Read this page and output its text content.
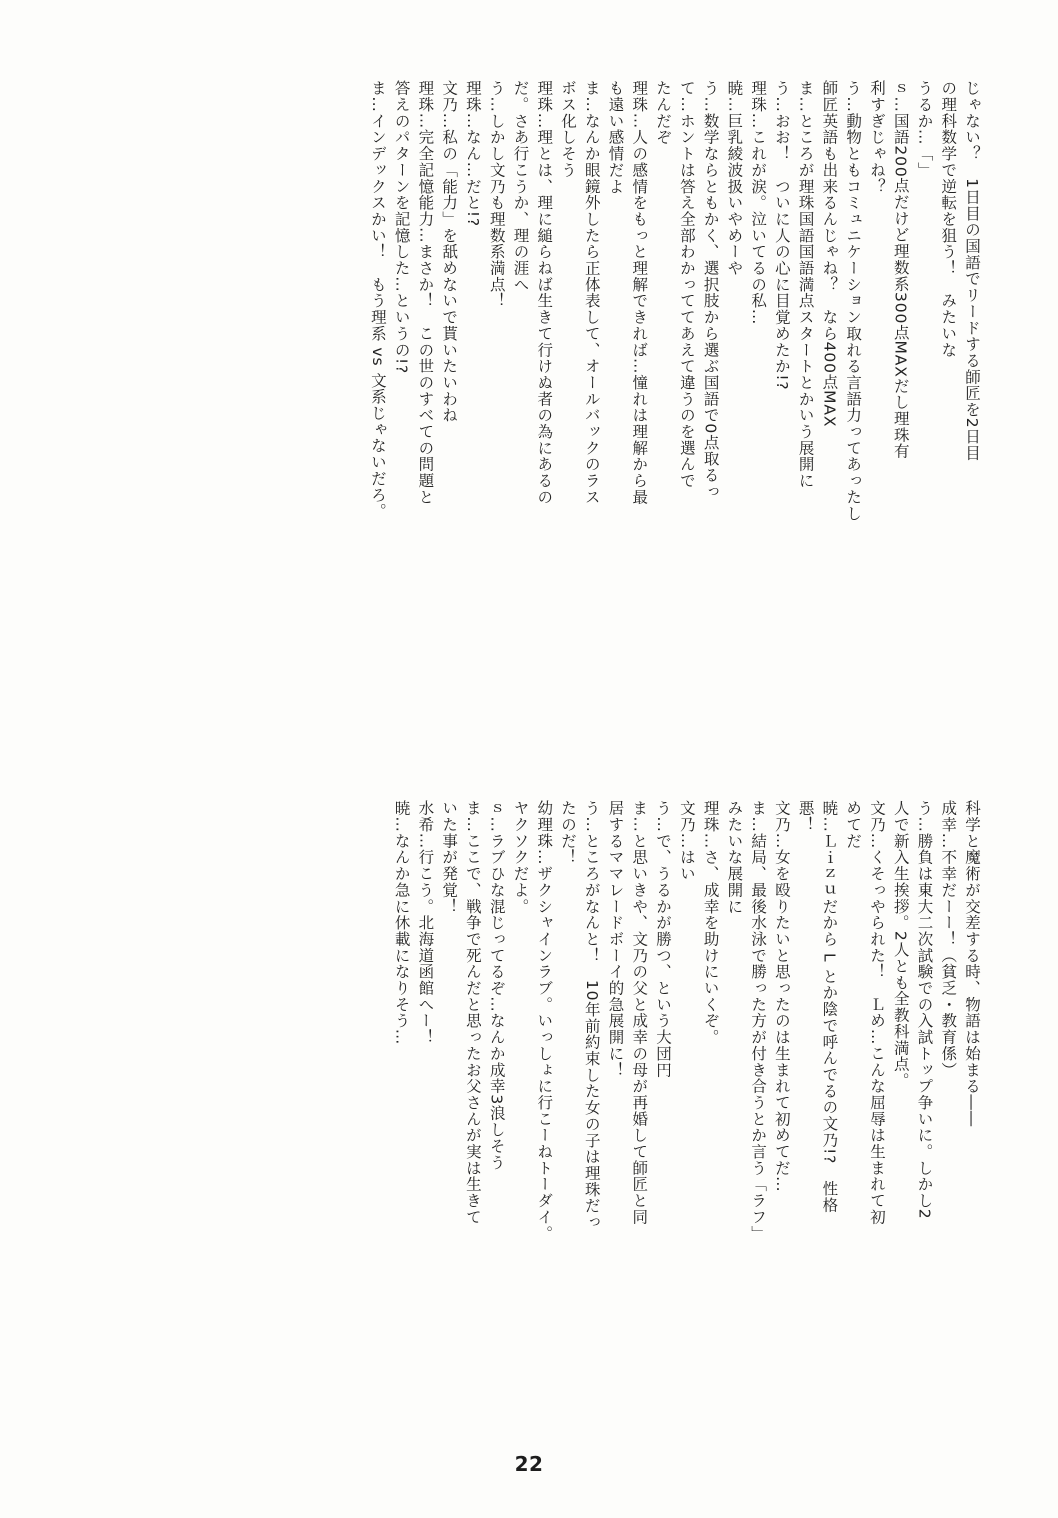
じゃない？　1日目の国語でリードする師匠を2日目
の理科数学で逆転を狙う！　みたいな
うるか…「」
ｓ…国語200点だけど理数系300点MAXだし理珠有
利すぎじゃね？
う…動物ともコミュニケーション取れる言語力ってあったし
師匠英語も出来るんじゃね？　なら400点MAX
ま…ところが理珠国語国語満点スタートとかいう展開に
う…おお！　ついに人の心に目覚めたか!?
理珠…これが涙。泣いてるの私…
暁…巨乳綾波扱いやめーや
う…数学ならともかく、選択肢から選ぶ国語で0点取るっ
て…ホントは答え全部わかっててあえて違うのを選んで
たんだぞ
理珠…人の感情をもっと理解できれば…憧れは理解から最
も遠い感情だよ
ま…なんか眼鏡外したら正体表して、オールバックのラス
ボス化しそう
理珠…理とは、理に縋らねば生きて行けぬ者の為にあるの
だ。さあ行こうか、理の涯へ
う…しかし文乃も理数系満点！
理珠…なん…だと!?
文乃…私の「能力」を舐めないで貰いたいわね
理珠…完全記憶能力…まさか！　この世のすべての問題と
答えのパターンを記憶した…というの!?
ま…インデックスかい！　もう理系 vs 文系じゃないだろ。
科学と魔術が交差する時、物語は始まる――
成幸…不幸だーー！（貧乏・教育係）
う…勝負は東大二次試験での入試トップ争いに。しかし2
人で新入生挨拶。2人とも全教科満点。
文乃…くそっやられた！　Ｌめ…こんな屈辱は生まれて初
めてだ
暁…Ｌｉｚｕだから L とか陰で呼んでるの文乃!?　性格
悪！
文乃…女を殴りたいと思ったのは生まれて初めてだ…
ま…結局、最後水泳で勝った方が付き合うとか言う「ラフ」
みたいな展開に
理珠…さ、成幸を助けにいくぞ。
文乃…はい
う…で、うるかが勝つ、という大団円
ま…と思いきや、文乃の父と成幸の母が再婚して師匠と同
居するママレードボーイ的急展開に！
う…ところがなんと！　10年前約束した女の子は理珠だっ
たのだ！
幼理珠…ザクシャインラブ。いっしょに行こーねトーダイ。
ヤクソクだよ。
ｓ…ラブひな混じってるぞ…なんか成幸3浪しそう
ま…ここで、戦争で死んだと思ったお父さんが実は生きて
いた事が発覚！
水希…行こう。北海道函館へー！
暁…なんか急に休載になりそう…
22
